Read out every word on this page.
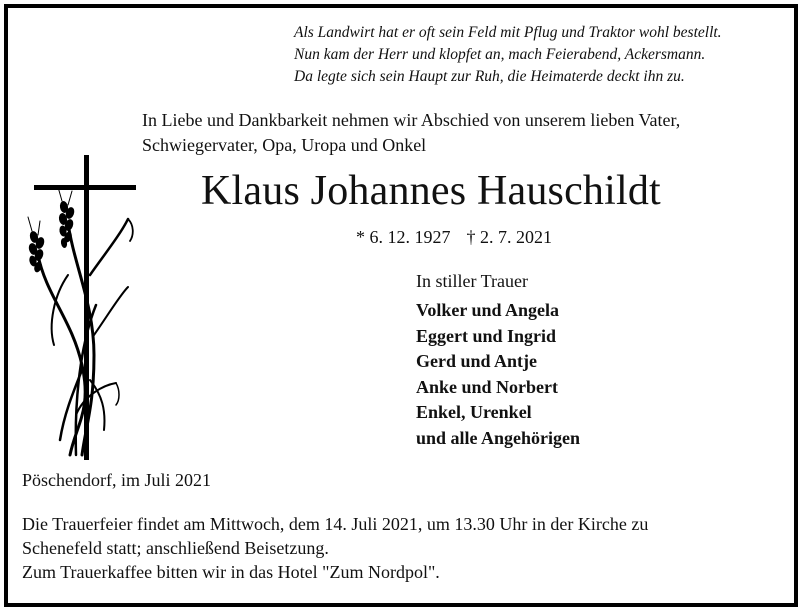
Als Landwirt hat er oft sein Feld mit Pflug und Traktor wohl bestellt.
Nun kam der Herr und klopfet an, mach Feierabend, Ackersmann.
Da legte sich sein Haupt zur Ruh, die Heimaterde deckt ihn zu.
In Liebe und Dankbarkeit nehmen wir Abschied von unserem lieben Vater,
Schwiegervater, Opa, Uropa und Onkel
Klaus Johannes Hauschildt
* 6. 12. 1927 † 2. 7. 2021
In stiller Trauer
Volker und Angela
Eggert und Ingrid
Gerd und Antje
Anke und Norbert
Enkel, Urenkel
und alle Angehörigen
Pöschendorf, im Juli 2021
Die Trauerfeier findet am Mittwoch, dem 14. Juli 2021, um 13.30 Uhr in der Kirche zu
Schenefeld statt; anschließend Beisetzung.
Zum Trauerkaffee bitten wir in das Hotel "Zum Nordpol".
